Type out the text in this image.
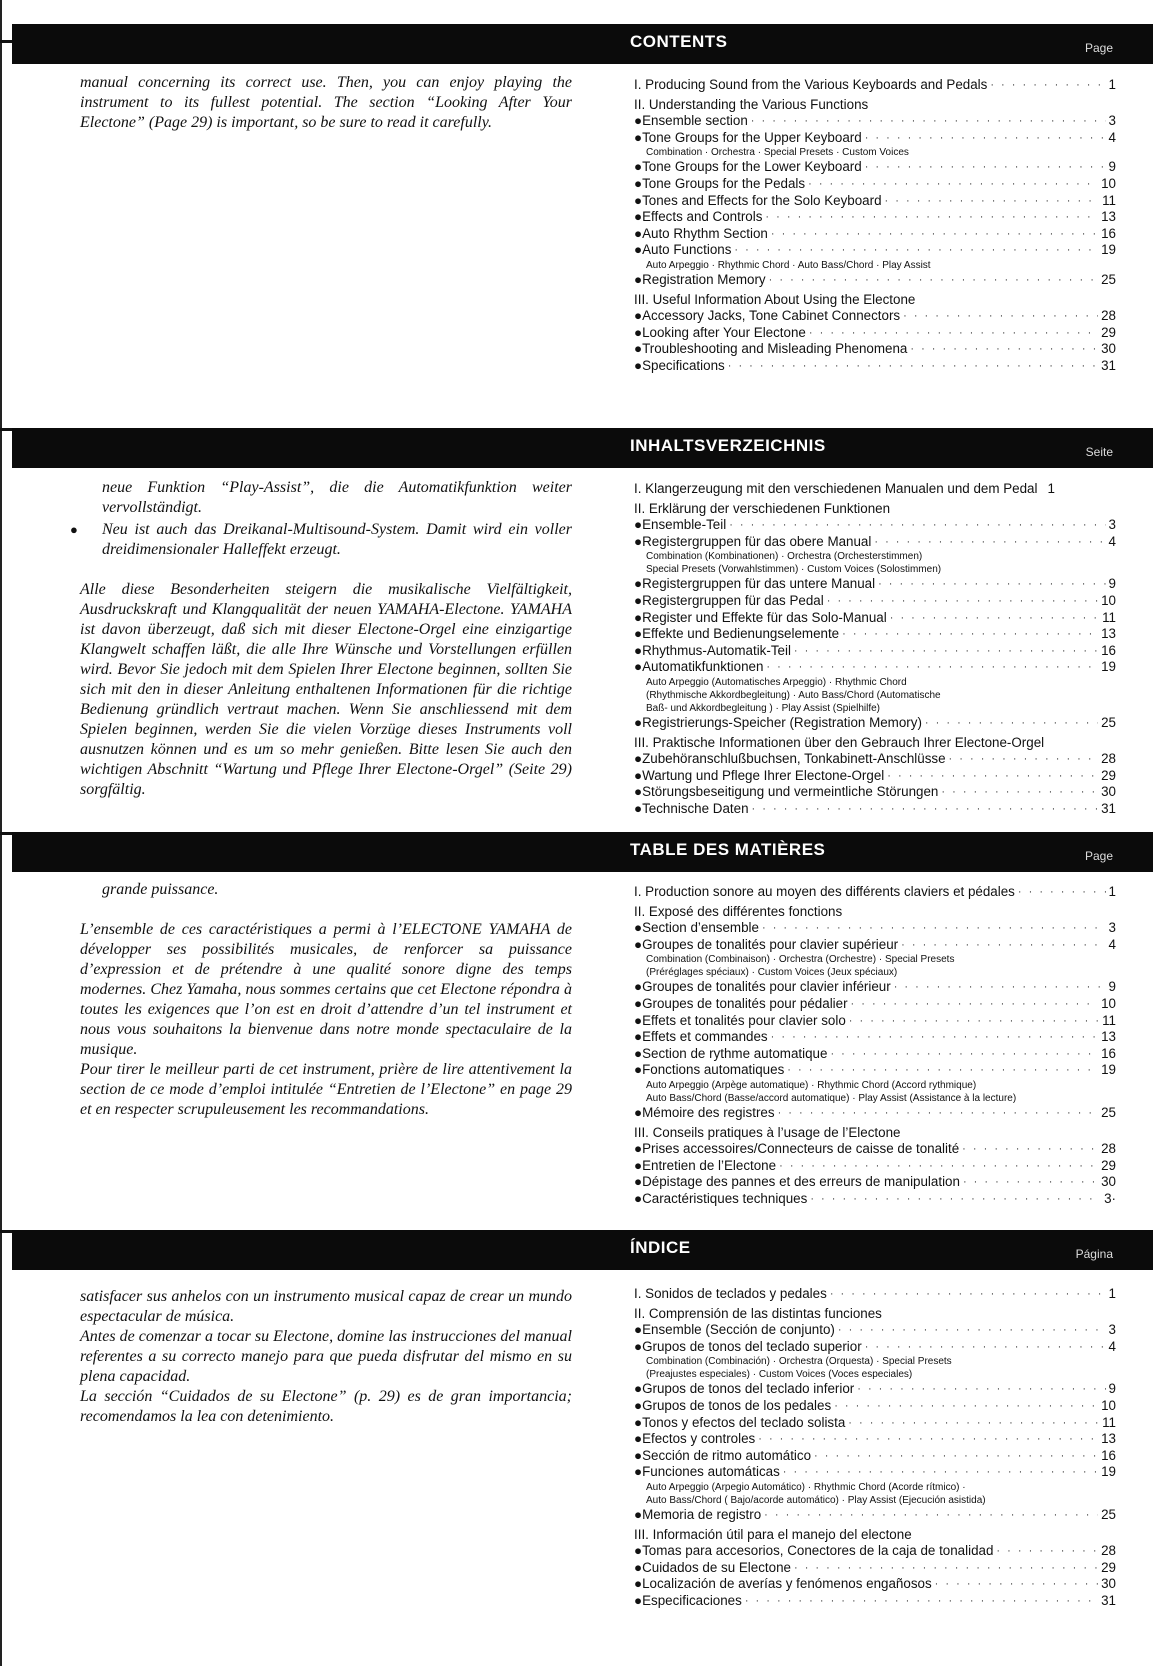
CONTENTS	Page

manual concerning its correct use. Then, you can enjoy playing the instrument to its fullest potential. The section “Looking After Your Electone” (Page 29) is important, so be sure to read it carefully.

I. Producing Sound from the Various Keyboards and Pedals · · ·	1
II. Understanding the Various Functions
●Ensemble section · · ·	3
●Tone Groups for the Upper Keyboard · · ·	4
Combination · Orchestra · Special Presets · Custom Voices
●Tone Groups for the Lower Keyboard · · ·	9
●Tone Groups for the Pedals · · ·	10
●Tones and Effects for the Solo Keyboard · · ·	11
●Effects and Controls · · ·	13
●Auto Rhythm Section · · ·	16
●Auto Functions · · ·	19
Auto Arpeggio · Rhythmic Chord · Auto Bass/Chord · Play Assist
●Registration Memory · · ·	25
III. Useful Information About Using the Electone
●Accessory Jacks, Tone Cabinet Connectors · · ·	28
●Looking after Your Electone · · ·	29
●Troubleshooting and Misleading Phenomena · · ·	30
●Specifications · · ·	31
INHALTSVERZEICHNIS	Seite

neue Funktion “Play-Assist”, die die Automatikfunktion weiter vervollständigt.

● Neu ist auch das Dreikanal-Multisound-System. Damit wird ein voller dreidimensionaler Halleffekt erzeugt.

Alle diese Besonderheiten steigern die musikalische Vielfältigkeit, Ausdruckskraft und Klangqualität der neuen YAMAHA-Electone. YAMAHA ist davon überzeugt, daß sich mit dieser Electone-Orgel eine einzigartige Klangwelt schaffen läßt, die alle Ihre Wünsche und Vorstellungen erfüllen wird. Bevor Sie jedoch mit dem Spielen Ihrer Electone beginnen, sollten Sie sich mit den in dieser Anleitung enthaltenen Informationen für die richtige Bedienung gründlich vertraut machen. Wenn Sie anschliessend mit dem Spielen beginnen, werden Sie die vielen Vorzüge dieses Instruments voll ausnutzen können und es um so mehr genießen. Bitte lesen Sie auch den wichtigen Abschnitt “Wartung und Pflege Ihrer Electone-Orgel” (Seite 29) sorgfältig.

I. Klangerzeugung mit den verschiedenen Manualen und dem Pedal 1
II. Erklärung der verschiedenen Funktionen
●Ensemble-Teil · · ·	3
●Registergruppen für das obere Manual · · ·	4
Combination (Kombinationen) · Orchestra (Orchesterstimmen)
Special Presets (Vorwahlstimmen) · Custom Voices (Solostimmen)
●Registergruppen für das untere Manual · · ·	9
●Registergruppen für das Pedal · · ·	10
●Register und Effekte für das Solo-Manual · · ·	11
●Effekte und Bedienungselemente · · ·	13
●Rhythmus-Automatik-Teil · · ·	16
●Automatikfunktionen · · ·	19
Auto Arpeggio (Automatisches Arpeggio) · Rhythmic Chord
(Rhythmische Akkordbegleitung) · Auto Bass/Chord (Automatische
Baß- und Akkordbegleitung ) · Play Assist (Spielhilfe)
●Registrierungs-Speicher (Registration Memory) · · ·	25
III. Praktische Informationen über den Gebrauch Ihrer Electone-Orgel
●Zubehöranschlußbuchsen, Tonkabinett-Anschlüsse · · ·	28
●Wartung und Pflege Ihrer Electone-Orgel · · ·	29
●Störungsbeseitigung und vermeintliche Störungen · · ·	30
●Technische Daten · · ·	31
TABLE DES MATIÈRES	Page

grande puissance.

L’ensemble de ces caractéristiques a permi à l’ELECTONE YAMAHA de développer ses possibilités musicales, de renforcer sa puissance d’expression et de prétendre à une qualité sonore digne des temps modernes. Chez Yamaha, nous sommes certains que cet Electone répondra à toutes les exigences que l’on est en droit d’attendre d’un tel instrument et nous vous souhaitons la bienvenue dans notre monde spectaculaire de la musique.

Pour tirer le meilleur parti de cet instrument, prière de lire attentivement la section de ce mode d’emploi intitulée “Entretien de l’Electone” en page 29 et en respecter scrupuleusement les recommandations.

I. Production sonore au moyen des différents claviers et pédales · · ·	1
II. Exposé des différentes fonctions
●Section d’ensemble · · ·	3
●Groupes de tonalités pour clavier supérieur · · ·	4
Combination (Combinaison) · Orchestra (Orchestre) · Special Presets
(Préréglages spéciaux) · Custom Voices (Jeux spéciaux)
●Groupes de tonalités pour clavier inférieur · · ·	9
●Groupes de tonalités pour pédalier · · ·	10
●Effets et tonalités pour clavier solo · · ·	11
●Effets et commandes · · ·	13
●Section de rythme automatique · · ·	16
●Fonctions automatiques · · ·	19
Auto Arpeggio (Arpège automatique) · Rhythmic Chord (Accord rythmique)
Auto Bass/Chord (Basse/accord automatique) · Play Assist (Assistance à la lecture)
●Mémoire des registres · · ·	25
III. Conseils pratiques à l’usage de l’Electone
●Prises accessoires/Connecteurs de caisse de tonalité · · ·	28
●Entretien de l’Electone · · ·	29
●Dépistage des pannes et des erreurs de manipulation · · ·	30
●Caractéristiques techniques · · ·	3·
ÍNDICE	Página

satisfacer sus anhelos con un instrumento musical capaz de crear un mundo espectacular de música.

Antes de comenzar a tocar su Electone, domine las instrucciones del manual referentes a su correcto manejo para que pueda disfrutar del mismo en su plena capacidad.

La sección “Cuidados de su Electone” (p. 29) es de gran importancia; recomendamos la lea con detenimiento.

I. Sonidos de teclados y pedales · · ·	1
II. Comprensión de las distintas funciones
●Ensemble (Sección de conjunto) · · ·	3
●Grupos de tonos del teclado superior · · ·	4
Combination (Combinación) · Orchestra (Orquesta) · Special Presets
(Preajustes especiales) · Custom Voices (Voces especiales)
●Grupos de tonos del teclado inferior · · ·	9
●Grupos de tonos de los pedales · · ·	10
●Tonos y efectos del teclado solista · · ·	11
●Efectos y controles · · ·	13
●Sección de ritmo automático · · ·	16
●Funciones automáticas · · ·	19
Auto Arpeggio (Arpegio Automático) · Rhythmic Chord (Acorde rítmico) ·
Auto Bass/Chord ( Bajo/acorde automático) · Play Assist (Ejecución asistida)
●Memoria de registro · · ·	25
III. Información útil para el manejo del electone
●Tomas para accesorios, Conectores de la caja de tonalidad · · ·	28
●Cuidados de su Electone · · ·	29
●Localización de averías y fenómenos engañosos · · ·	30
●Especificaciones · · ·	31
